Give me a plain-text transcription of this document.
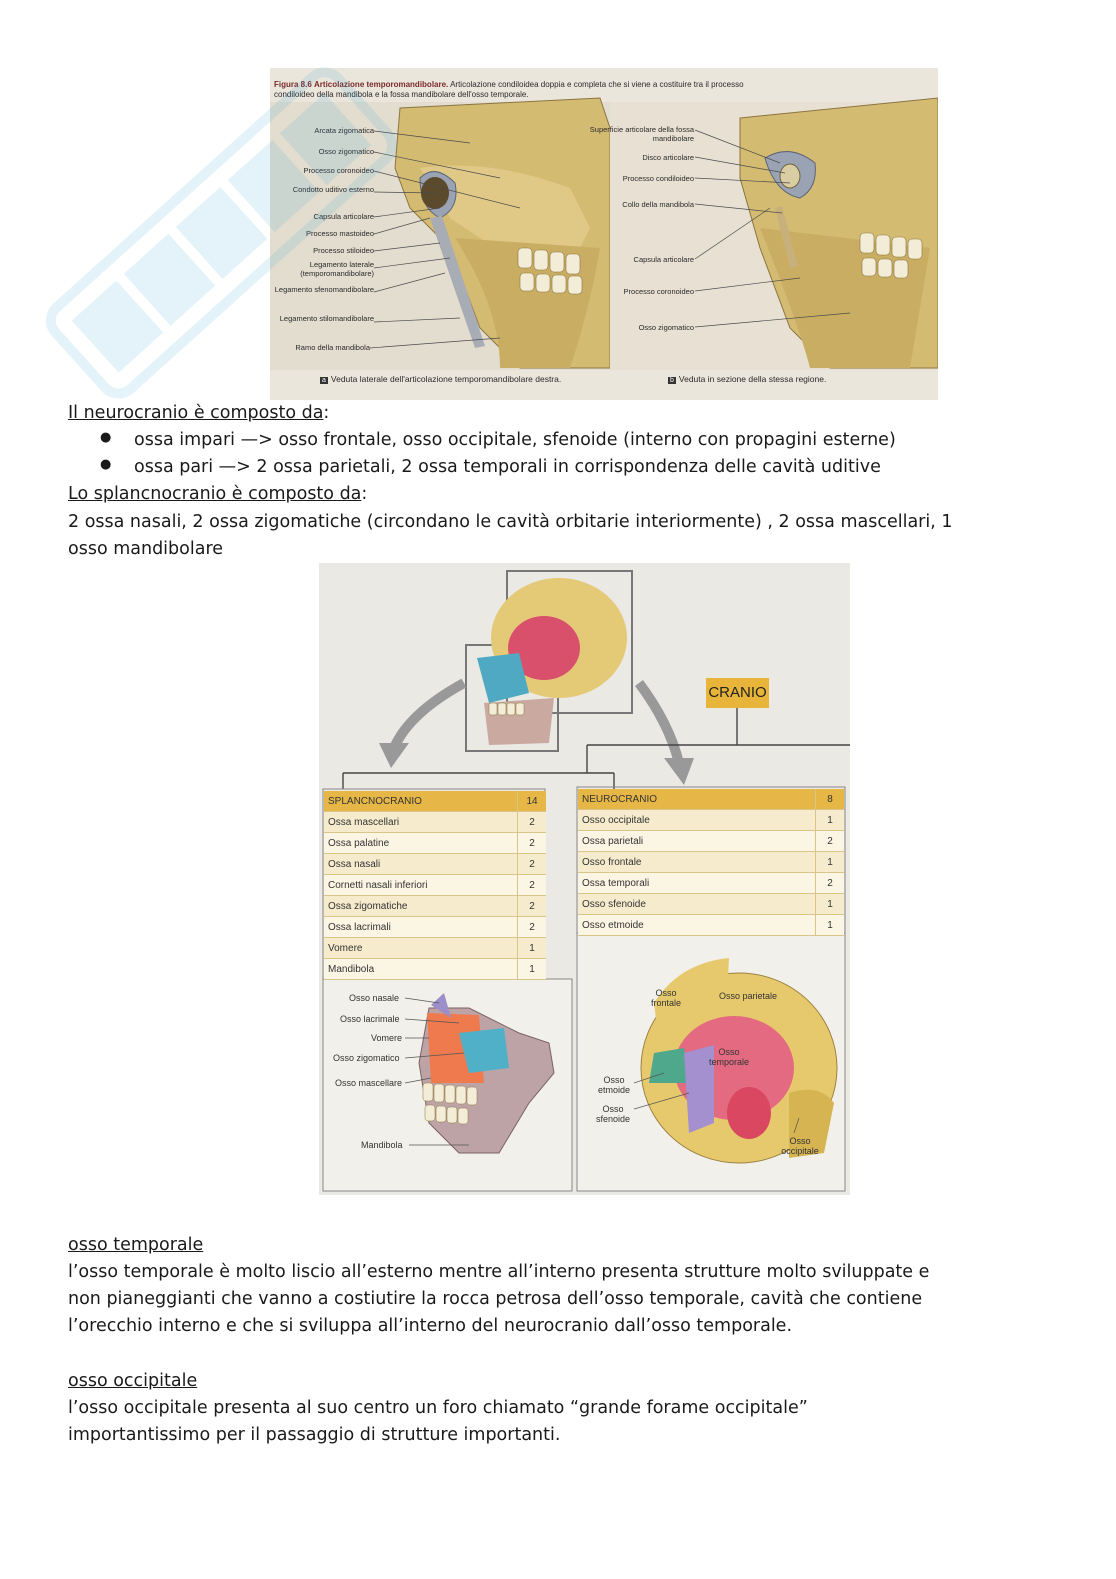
Figura 8.6 Articolazione temporomandibolare. Articolazione condiloidea doppia e completa che si viene a costituire tra il processo condiloideo della mandibola e la fossa mandibolare dell'osso temporale.
Arcata zigomatica
Osso zigomatico
Processo coronoideo
Condotto uditivo esterno
Capsula articolare
Processo mastoideo
Processo stiloideo
Legamento laterale (temporomandibolare)
Legamento sfenomandibolare
Legamento stilomandibolare
Ramo della mandibola
Superficie articolare della fossa mandibolare
Disco articolare
Processo condiloideo
Collo della mandibola
Capsula articolare
Processo coronoideo
Osso zigomatico
a Veduta laterale dell'articolazione temporomandibolare destra.	b Veduta in sezione della stessa regione.
Il neurocranio è composto da:
● ossa impari —> osso frontale, osso occipitale, sfenoide (interno con propagini esterne)
● ossa pari —> 2 ossa parietali, 2 ossa temporali in corrispondenza delle cavità uditive
Lo splancnocranio è composto da:
2 ossa nasali, 2 ossa zigomatiche (circondano le cavità orbitarie interiormente) , 2 ossa mascellari, 1
osso mandibolare
CRANIO
SPLANCNOCRANIO	14
Ossa mascellari	2
Ossa palatine	2
Ossa nasali	2
Cornetti nasali inferiori	2
Ossa zigomatiche	2
Ossa lacrimali	2
Vomere	1
Mandibola	1
NEUROCRANIO	8
Osso occipitale	1
Ossa parietali	2
Osso frontale	1
Ossa temporali	2
Osso sfenoide	1
Osso etmoide	1
Osso nasale
Osso lacrimale
Vomere
Osso zigomatico
Osso mascellare
Mandibola
Osso frontale
Osso parietale
Osso temporale
Osso etmoide
Osso sfenoide
Osso occipitale
osso temporale
l’osso temporale è molto liscio all’esterno mentre all’interno presenta strutture molto sviluppate e
non pianeggianti che vanno a costiutire la rocca petrosa dell’osso temporale, cavità che contiene
l’orecchio interno e che si sviluppa all’interno del neurocranio dall’osso temporale.
osso occipitale
l’osso occipitale presenta al suo centro un foro chiamato “grande forame occipitale”
importantissimo per il passaggio di strutture importanti.
